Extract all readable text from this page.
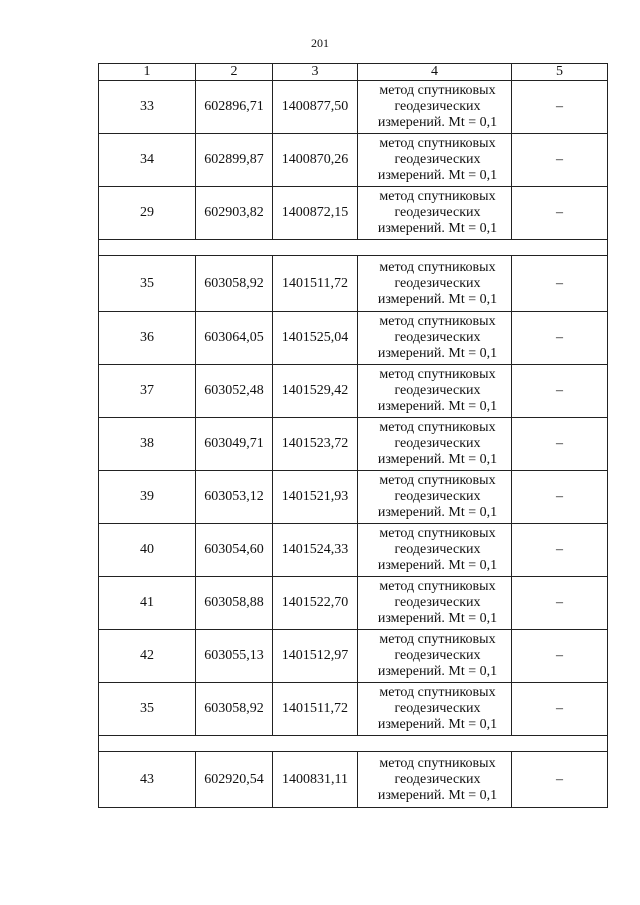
201
1	2	3	4	5
33	602896,71	1400877,50	метод спутниковых
геодезических
измерений. Mt = 0,1	–
34	602899,87	1400870,26	метод спутниковых
геодезических
измерений. Mt = 0,1	–
29	602903,82	1400872,15	метод спутниковых
геодезических
измерений. Mt = 0,1	–

35	603058,92	1401511,72	метод спутниковых
геодезических
измерений. Mt = 0,1	–
36	603064,05	1401525,04	метод спутниковых
геодезических
измерений. Mt = 0,1	–
37	603052,48	1401529,42	метод спутниковых
геодезических
измерений. Mt = 0,1	–
38	603049,71	1401523,72	метод спутниковых
геодезических
измерений. Mt = 0,1	–
39	603053,12	1401521,93	метод спутниковых
геодезических
измерений. Mt = 0,1	–
40	603054,60	1401524,33	метод спутниковых
геодезических
измерений. Mt = 0,1	–
41	603058,88	1401522,70	метод спутниковых
геодезических
измерений. Mt = 0,1	–
42	603055,13	1401512,97	метод спутниковых
геодезических
измерений. Mt = 0,1	–
35	603058,92	1401511,72	метод спутниковых
геодезических
измерений. Mt = 0,1	–

43	602920,54	1400831,11	метод спутниковых
геодезических
измерений. Mt = 0,1	–
